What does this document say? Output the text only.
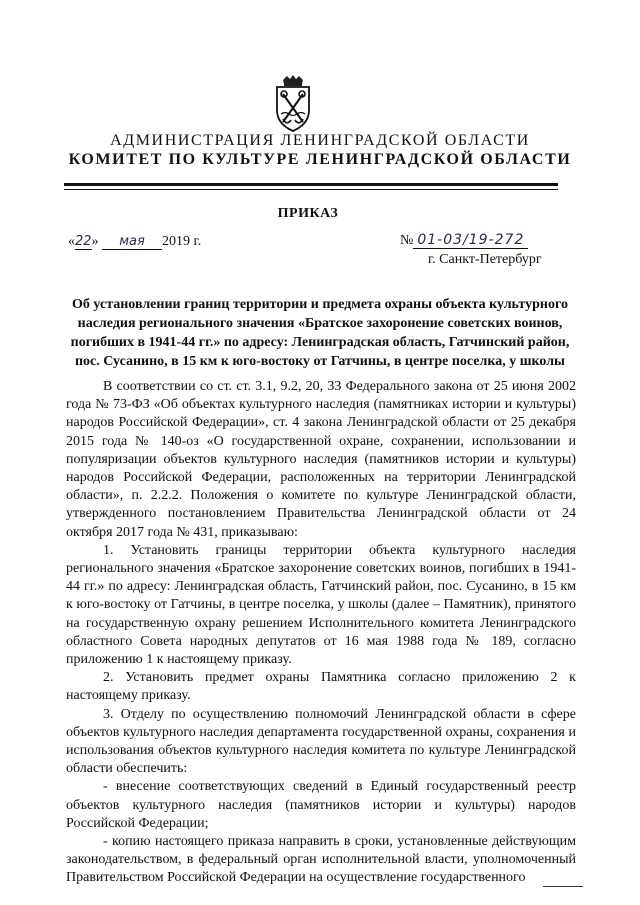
АДМИНИСТРАЦИЯ ЛЕНИНГРАДСКОЙ ОБЛАСТИ
КОМИТЕТ ПО КУЛЬТУРЕ ЛЕНИНГРАДСКОЙ ОБЛАСТИ
ПРИКАЗ
«22» мая 2019 г.	№ 01-03/19-272
г. Санкт-Петербург
Об установлении границ территории и предмета охраны объекта культурного
наследия регионального значения «Братское захоронение советских воинов,
погибших в 1941-44 гг.» по адресу: Ленинградская область, Гатчинский район,
пос. Сусанино, в 15 км к юго-востоку от Гатчины, в центре поселка, у школы

В соответствии со ст. ст. 3.1, 9.2, 20, 33 Федерального закона от 25 июня 2002 года № 73-ФЗ «Об объектах культурного наследия (памятниках истории и культуры) народов Российской Федерации», ст. 4 закона Ленинградской области от 25 декабря 2015 года № 140-оз «О государственной охране, сохранении, использовании и популяризации объектов культурного наследия (памятников истории и культуры) народов Российской Федерации, расположенных на территории Ленинградской области», п. 2.2.2. Положения о комитете по культуре Ленинградской области, утвержденного постановлением Правительства Ленинградской области от 24 октября 2017 года № 431, приказываю:

1. Установить границы территории объекта культурного наследия регионального значения «Братское захоронение советских воинов, погибших в 1941-44 гг.» по адресу: Ленинградская область, Гатчинский район, пос. Сусанино, в 15 км к юго-востоку от Гатчины, в центре поселка, у школы (далее – Памятник), принятого на государственную охрану решением Исполнительного комитета Ленинградского областного Совета народных депутатов от 16 мая 1988 года № 189, согласно приложению 1 к настоящему приказу.

2. Установить предмет охраны Памятника согласно приложению 2 к настоящему приказу.

3. Отделу по осуществлению полномочий Ленинградской области в сфере объектов культурного наследия департамента государственной охраны, сохранения и использования объектов культурного наследия комитета по культуре Ленинградской области обеспечить:

- внесение соответствующих сведений в Единый государственный реестр объектов культурного наследия (памятников истории и культуры) народов Российской Федерации;

- копию настоящего приказа направить в сроки, установленные действующим законодательством, в федеральный орган исполнительной власти, уполномоченный Правительством Российской Федерации на осуществление государственного
